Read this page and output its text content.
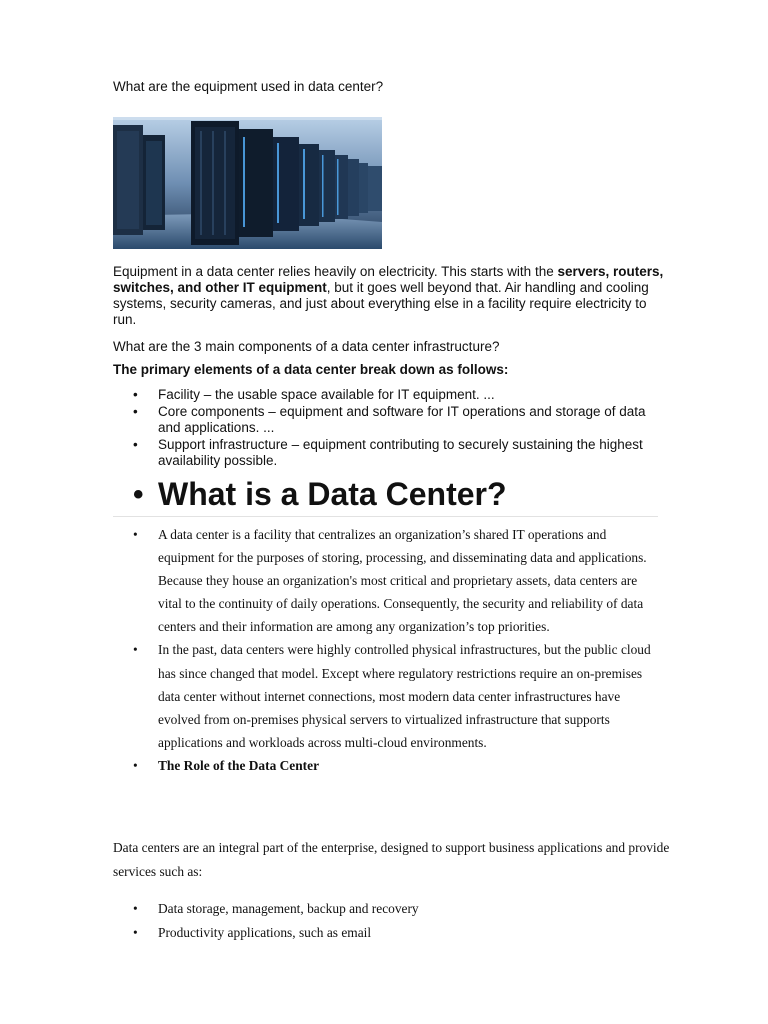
What are the equipment used in data center?
Equipment in a data center relies heavily on electricity. This starts with the servers, routers, switches, and other IT equipment, but it goes well beyond that. Air handling and cooling systems, security cameras, and just about everything else in a facility require electricity to run.
What are the 3 main components of a data center infrastructure?
The primary elements of a data center break down as follows:
• Facility – the usable space available for IT equipment. ...
• Core components – equipment and software for IT operations and storage of data and applications. ...
• Support infrastructure – equipment contributing to securely sustaining the highest availability possible.
• What is a Data Center?
• A data center is a facility that centralizes an organization’s shared IT operations and equipment for the purposes of storing, processing, and disseminating data and applications. Because they house an organization's most critical and proprietary assets, data centers are vital to the continuity of daily operations. Consequently, the security and reliability of data centers and their information are among any organization’s top priorities.
• In the past, data centers were highly controlled physical infrastructures, but the public cloud has since changed that model. Except where regulatory restrictions require an on-premises data center without internet connections, most modern data center infrastructures have evolved from on-premises physical servers to virtualized infrastructure that supports applications and workloads across multi-cloud environments.
• The Role of the Data Center
Data centers are an integral part of the enterprise, designed to support business applications and provide services such as:
• Data storage, management, backup and recovery
• Productivity applications, such as email
